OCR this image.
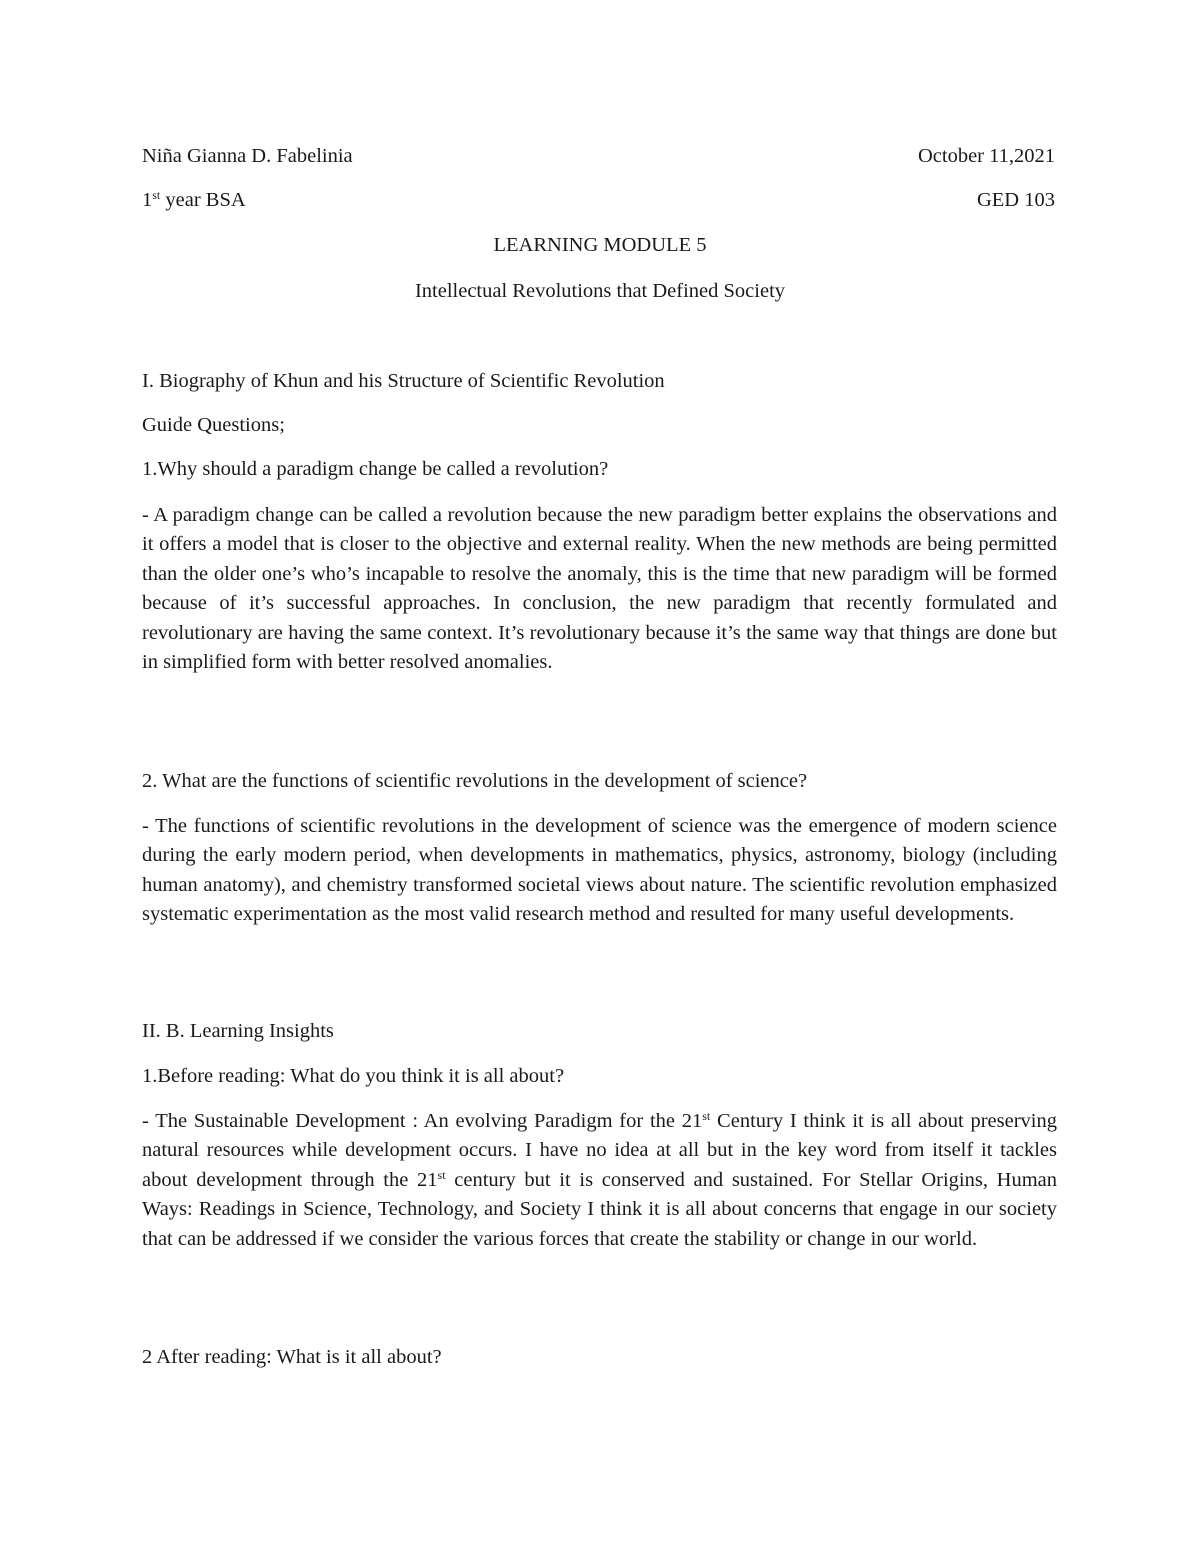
Niña Gianna D. Fabelinia	October 11,2021
1st year BSA	GED 103
LEARNING MODULE 5
Intellectual Revolutions that Defined Society
I. Biography of Khun and his Structure of Scientific Revolution
Guide Questions;
1.Why should a paradigm change be called a revolution?
- A paradigm change can be called a revolution because the new paradigm better explains the observations and it offers a model that is closer to the objective and external reality. When the new methods are being permitted than the older one’s who’s incapable to resolve the anomaly, this is the time that new paradigm will be formed because of it’s successful approaches. In conclusion, the new paradigm that recently formulated and revolutionary are having the same context. It’s revolutionary because it’s the same way that things are done but in simplified form with better resolved anomalies.
2. What are the functions of scientific revolutions in the development of science?
- The functions of scientific revolutions in the development of science was the emergence of modern science during the early modern period, when developments in mathematics, physics, astronomy, biology (including human anatomy), and chemistry transformed societal views about nature. The scientific revolution emphasized systematic experimentation as the most valid research method and resulted for many useful developments.
II. B. Learning Insights
1.Before reading: What do you think it is all about?
- The Sustainable Development : An evolving Paradigm for the 21st Century I think it is all about preserving natural resources while development occurs. I have no idea at all but in the key word from itself it tackles about development through the 21st century but it is conserved and sustained. For Stellar Origins, Human Ways: Readings in Science, Technology, and Society I think it is all about concerns that engage in our society that can be addressed if we consider the various forces that create the stability or change in our world.
2 After reading: What is it all about?
